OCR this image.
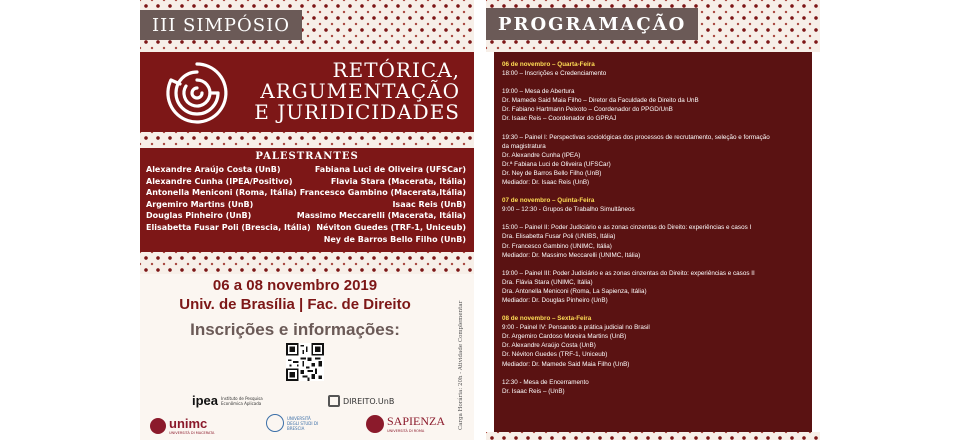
III SIMPÓSIO
RETÓRICA,
ARGUMENTAÇÃO
E JURIDICIDADES
PALESTRANTES
Alexandre Araújo Costa (UnB)
Alexandre Cunha (IPEA/Positivo)
Antonella Meniconi (Roma, Itália)
Argemiro Martins (UnB)
Douglas Pinheiro (UnB)
Elisabetta Fusar Poli (Brescia, Itália)
Fabiana Luci de Oliveira (UFSCar)
Flavia Stara (Macerata, Itália)
Francesco Gambino (Macerata,Itália)
Isaac Reis (UnB)
Massimo Meccarelli (Macerata, Itália)
Néviton Guedes (TRF-1, Uniceub)
Ney de Barros Bello Filho (UnB)
06 a 08 novembro 2019
Univ. de Brasília | Fac. de Direito
Inscrições e informações:
ipea Instituto de Pesquisa Econômica Aplicada	DIREITO.UnB
unimc
UNIVERSITÀ DI MACERATA
UNIVERSITÀ DEGLI STUDI DI BRESCIA	SAPIENZA
UNIVERSITÀ DI ROMA
Carga Horária: 20h - Atividade Complementar
PROGRAMAÇÃO
06 de novembro – Quarta-Feira
18:00 – Inscrições e Credenciamento
19:00 – Mesa de Abertura
Dr. Mamede Said Maia Filho – Diretor da Faculdade de Direito da UnB
Dr. Fabiano Hartmann Peixoto – Coordenador do PPGD/UnB
Dr. Isaac Reis – Coordenador do GPRAJ
19:30 – Painel I: Perspectivas sociológicas dos processos de recrutamento, seleção e formação
da magistratura
Dr. Alexandre Cunha (IPEA)
Dr.ª Fabiana Luci de Oliveira (UFSCar)
Dr. Ney de Barros Bello Filho (UnB)
Mediador: Dr. Isaac Reis (UnB)
07 de novembro – Quinta-Feira
9:00 – 12:30 - Grupos de Trabalho Simultâneos
15:00 – Painel II: Poder Judiciário e as zonas cinzentas do Direito: experiências e casos I
Dra. Elisabetta Fusar Poli (UNIBS, Itália)
Dr. Francesco Gambino (UNIMC, Itália)
Mediador: Dr. Massimo Meccarelli (UNIMC, Itália)
19:00 – Painel III: Poder Judiciário e as zonas cinzentas do Direito: experiências e casos II
Dra. Flávia Stara (UNIMC, Itália)
Dra. Antonella Meniconi (Roma, La Sapienza, Itália)
Mediador: Dr. Douglas Pinheiro (UnB)
08 de novembro – Sexta-Feira
9:00 - Painel IV: Pensando a prática judicial no Brasil
Dr. Argemiro Cardoso Moreira Martins (UnB)
Dr. Alexandre Araújo Costa (UnB)
Dr. Néviton Guedes (TRF-1, Uniceub)
Mediador: Dr. Mamede Said Maia Filho (UnB)
12:30 - Mesa de Encerramento
Dr. Isaac Reis – (UnB)
